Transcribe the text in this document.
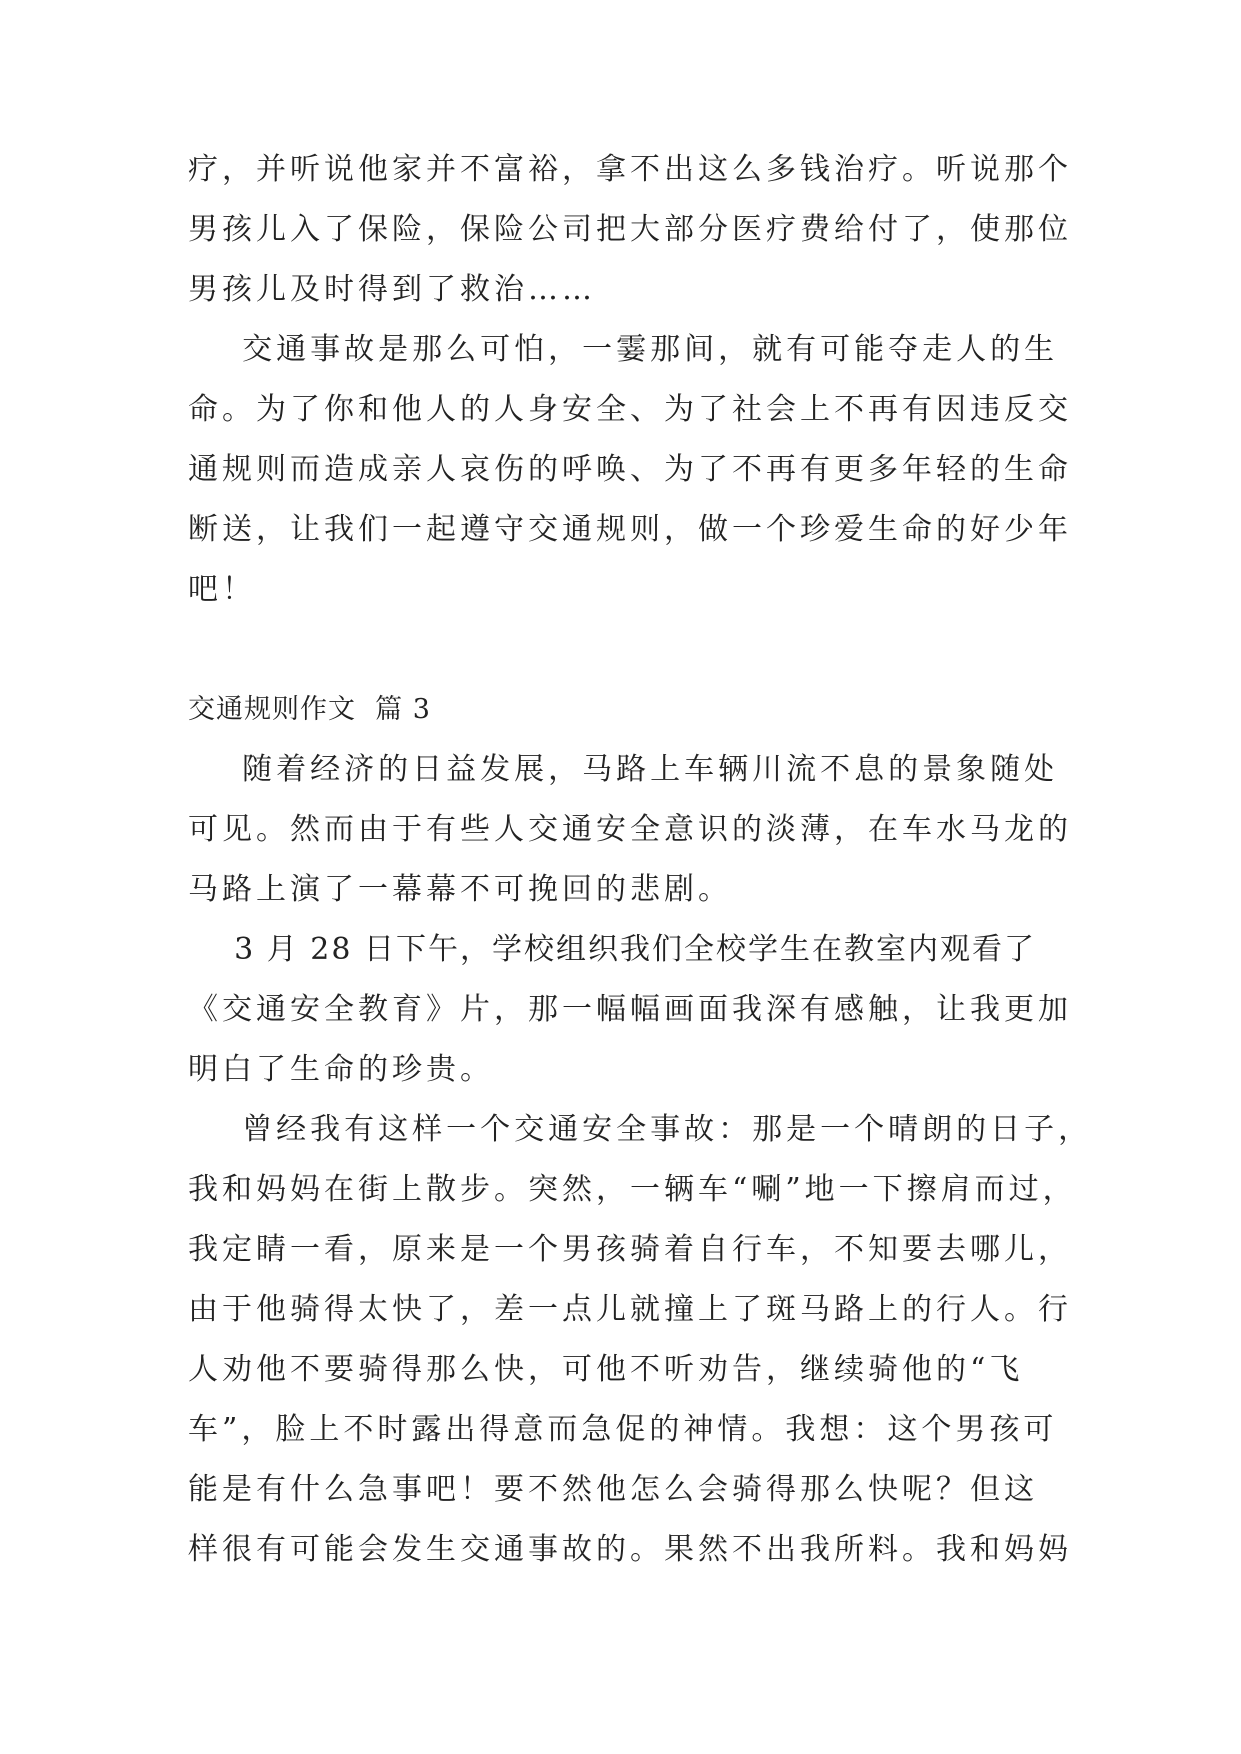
疗，并听说他家并不富裕，拿不出这么多钱治疗。听说那个
男孩儿入了保险，保险公司把大部分医疗费给付了，使那位
男孩儿及时得到了救治……
交通事故是那么可怕，一霎那间，就有可能夺走人的生
命。为了你和他人的人身安全、为了社会上不再有因违反交
通规则而造成亲人哀伤的呼唤、为了不再有更多年轻的生命
断送，让我们一起遵守交通规则，做一个珍爱生命的好少年
吧！
交通规则作文  篇 3
随着经济的日益发展，马路上车辆川流不息的景象随处
可见。然而由于有些人交通安全意识的淡薄，在车水马龙的
马路上演了一幕幕不可挽回的悲剧。
3 月 28 日下午，学校组织我们全校学生在教室内观看了
《交通安全教育》片，那一幅幅画面我深有感触，让我更加
明白了生命的珍贵。
曾经我有这样一个交通安全事故：那是一个晴朗的日子，
我和妈妈在街上散步。突然，一辆车“唰”地一下擦肩而过，
我定睛一看，原来是一个男孩骑着自行车，不知要去哪儿，
由于他骑得太快了，差一点儿就撞上了斑马路上的行人。行
人劝他不要骑得那么快，可他不听劝告，继续骑他的“飞
车”，脸上不时露出得意而急促的神情。我想：这个男孩可
能是有什么急事吧！要不然他怎么会骑得那么快呢？但这
样很有可能会发生交通事故的。果然不出我所料。我和妈妈
